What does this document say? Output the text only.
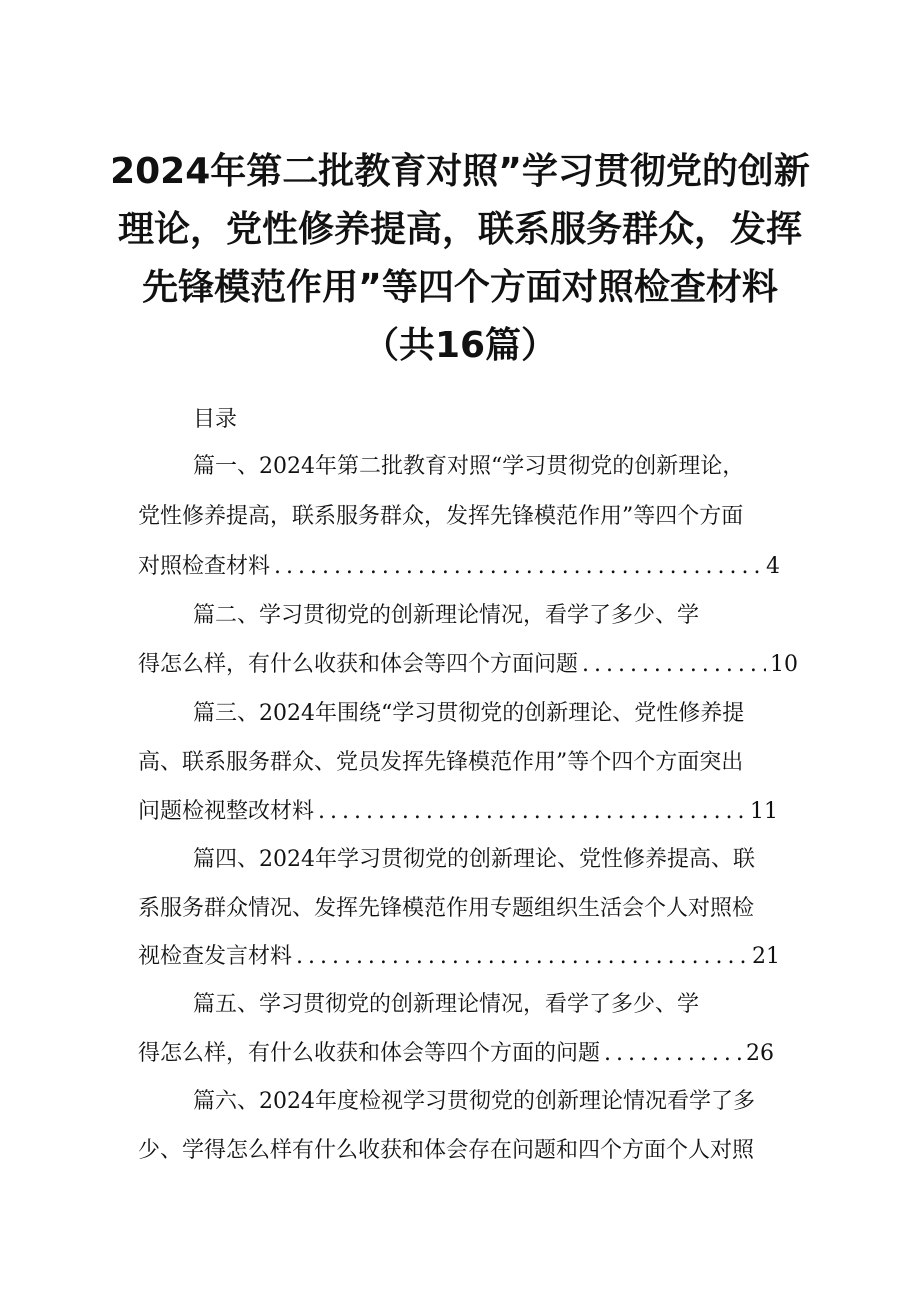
2024年第二批教育对照”学习贯彻党的创新
理论，党性修养提高，联系服务群众，发挥
先锋模范作用”等四个方面对照检查材料
（共16篇）
目录
篇一、2024年第二批教育对照“学习贯彻党的创新理论，
党性修养提高，联系服务群众，发挥先锋模范作用”等四个方面
对照检查材料 . . .	4
篇二、学习贯彻党的创新理论情况，看学了多少、学
得怎么样，有什么收获和体会等四个方面问题 . . .	10
篇三、2024年围绕“学习贯彻党的创新理论、党性修养提
高、联系服务群众、党员发挥先锋模范作用”等个四个方面突出
问题检视整改材料 . . .	11
篇四、2024年学习贯彻党的创新理论、党性修养提高、联
系服务群众情况、发挥先锋模范作用专题组织生活会个人对照检
视检查发言材料 . . .	21
篇五、学习贯彻党的创新理论情况，看学了多少、学
得怎么样，有什么收获和体会等四个方面的问题 . . .	26
篇六、2024年度检视学习贯彻党的创新理论情况看学了多
少、学得怎么样有什么收获和体会存在问题和四个方面个人对照
